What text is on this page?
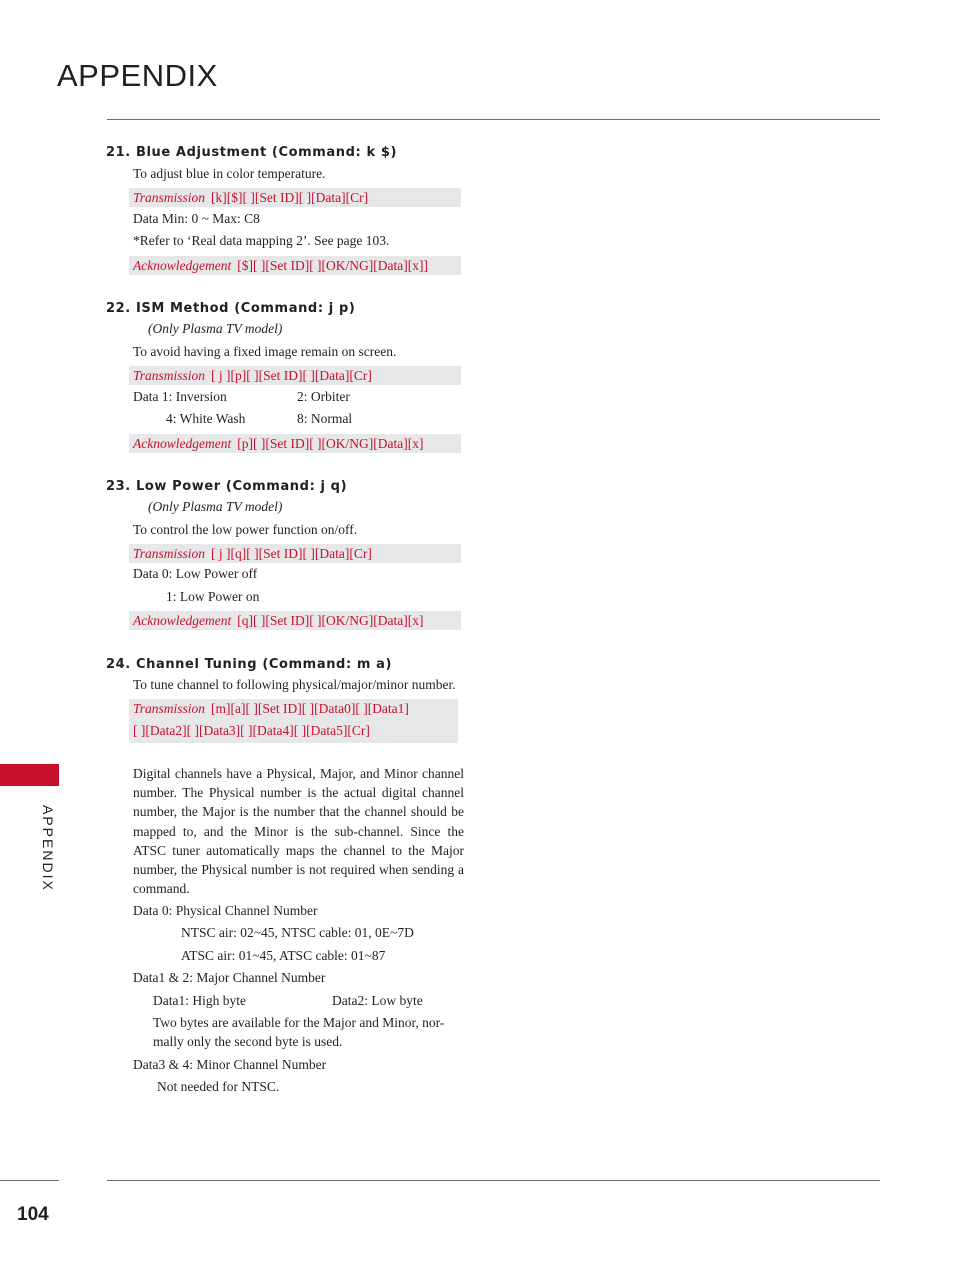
APPENDIX
21. Blue Adjustment (Command: k $)
To adjust blue in color temperature.
Transmission [k][$][ ][Set ID][ ][Data][Cr]
Data Min: 0 ~ Max: C8
*Refer to ‘Real data mapping 2’. See page 103.
Acknowledgement [$][ ][Set ID][ ][OK/NG][Data][x]]
22. ISM Method (Command: j p)
(Only Plasma TV model)
To avoid having a fixed image remain on screen.
Transmission [ j ][p][ ][Set ID][ ][Data][Cr]
Data 1: Inversion	2: Orbiter
4: White Wash	8: Normal
Acknowledgement [p][ ][Set ID][ ][OK/NG][Data][x]
23. Low Power (Command: j q)
(Only Plasma TV model)
To control the low power function on/off.
Transmission [ j ][q][ ][Set ID][ ][Data][Cr]
Data 0: Low Power off
1: Low Power on
Acknowledgement [q][ ][Set ID][ ][OK/NG][Data][x]
24. Channel Tuning (Command: m a)
To tune channel to following physical/major/minor number.
Transmission [m][a][ ][Set ID][ ][Data0][ ][Data1]
[ ][Data2][ ][Data3][ ][Data4][ ][Data5][Cr]
Digital channels have a Physical, Major, and Minor channel number. The Physical number is the actual digital channel number, the Major is the number that the channel should be mapped to, and the Minor is the sub-channel. Since the ATSC tuner automatically maps the channel to the Major number, the Physical number is not required when sending a command.
Data 0: Physical Channel Number
NTSC air: 02~45, NTSC cable: 01, 0E~7D
ATSC air: 01~45, ATSC cable: 01~87
Data1 & 2: Major Channel Number
Data1: High byte	Data2: Low byte
Two bytes are available for the Major and Minor, nor-
mally only the second byte is used.
Data3 & 4: Minor Channel Number
Not needed for NTSC.
APPENDIX
104
